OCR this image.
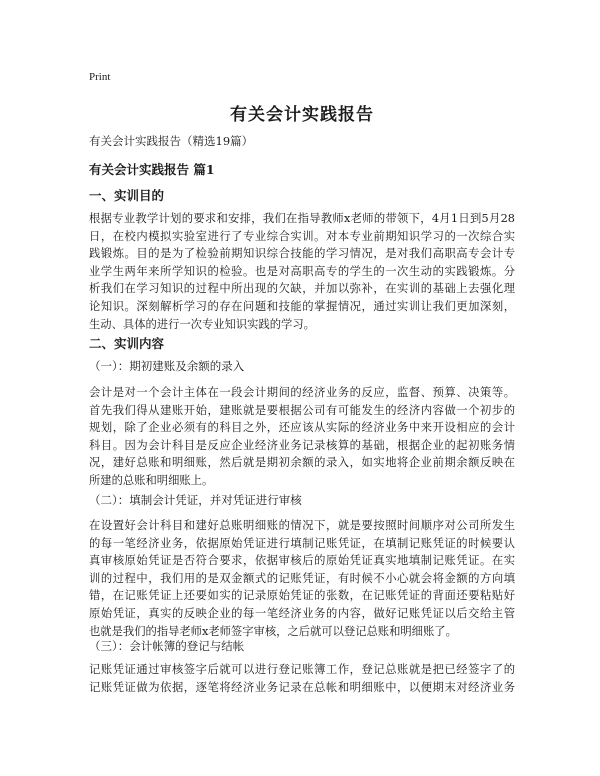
Print
有关会计实践报告
有关会计实践报告（精选19篇）
有关会计实践报告 篇1
一、实训目的
根据专业教学计划的要求和安排，我们在指导教师x老师的带领下，4月1日到5月28
日，在校内模拟实验室进行了专业综合实训。对本专业前期知识学习的一次综合实
践锻炼。目的是为了检验前期知识综合技能的学习情况，是对我们高职高专会计专
业学生两年来所学知识的检验。也是对高职高专的学生的一次生动的实践锻炼。分
析我们在学习知识的过程中所出现的欠缺，并加以弥补，在实训的基础上去强化理
论知识。深刻解析学习的存在问题和技能的掌握情况，通过实训让我们更加深刻，
生动、具体的进行一次专业知识实践的学习。
二、实训内容
（一）：期初建账及余额的录入
会计是对一个会计主体在一段会计期间的经济业务的反应，监督、预算、决策等。
首先我们得从建账开始，建账就是要根据公司有可能发生的经济内容做一个初步的
规划，除了企业必须有的科目之外，还应该从实际的经济业务中来开设相应的会计
科目。因为会计科目是反应企业经济业务记录核算的基础，根据企业的起初账务情
况，建好总账和明细账，然后就是期初余额的录入，如实地将企业前期余额反映在
所建的总账和明细账上。
（二）：填制会计凭证，并对凭证进行审核
在设置好会计科目和建好总账明细账的情况下，就是要按照时间顺序对公司所发生
的每一笔经济业务，依据原始凭证进行填制记账凭证，在填制记账凭证的时候要认
真审核原始凭证是否符合要求，依据审核后的原始凭证真实地填制记账凭证。在实
训的过程中，我们用的是双金额式的记账凭证，有时候不小心就会将金额的方向填
错，在记账凭证上还要如实的记录原始凭证的张数，在记账凭证的背面还要粘贴好
原始凭证，真实的反映企业的每一笔经济业务的内容，做好记账凭证以后交给主管
也就是我们的指导老师x老师签字审核，之后就可以登记总账和明细账了。
（三）：会计帐簿的登记与结帐
记账凭证通过审核签字后就可以进行登记账簿工作，登记总账就是把已经签字了的
记账凭证做为依据，逐笔将经济业务记录在总帐和明细账中，以便期末对经济业务
